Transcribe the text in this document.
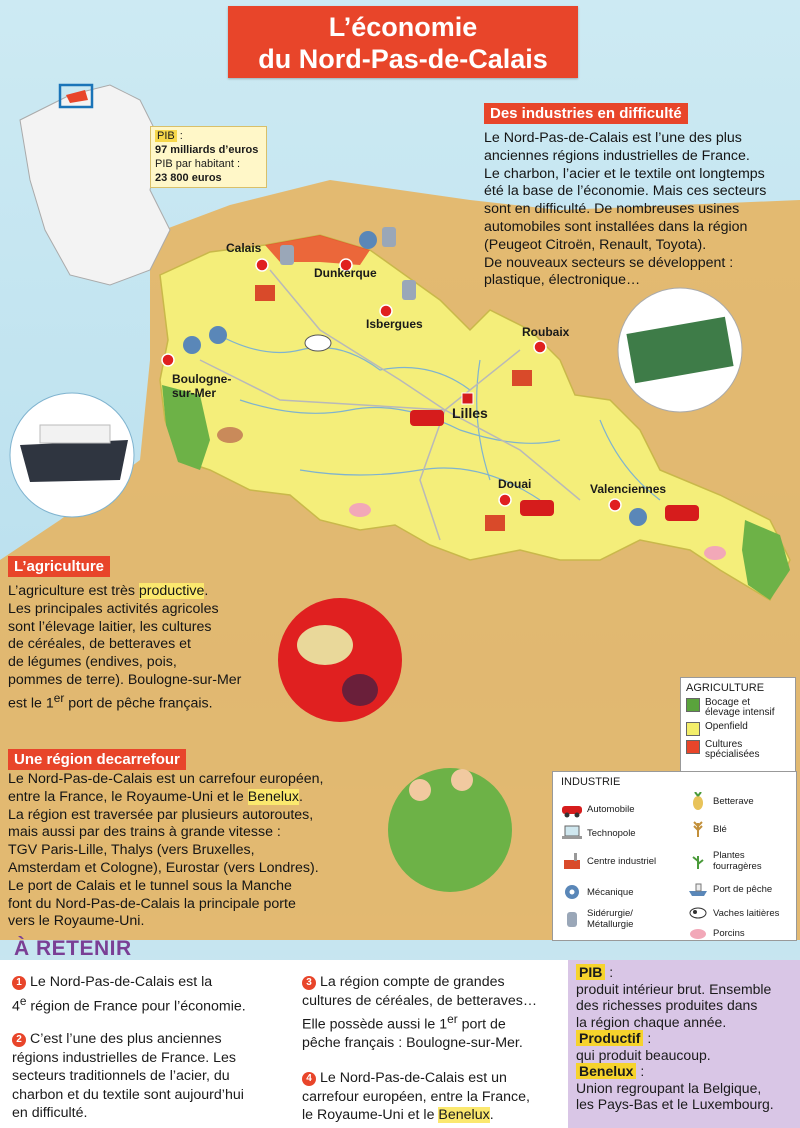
L’économie
du Nord-Pas-de-Calais
PIB :
97 milliards d’euros
PIB par habitant :
23 800 euros
Des industries en difficulté
Le Nord-Pas-de-Calais est l’une des plus
anciennes régions industrielles de France.
Le charbon, l’acier et le textile ont longtemps
été la base de l’économie. Mais ces secteurs
sont en difficulté. De nombreuses usines
automobiles sont installées dans la région
(Peugeot Citroën, Renault, Toyota).
De nouveaux secteurs se développent :
plastique, électronique…
Calais
Dunkerque
Isbergues
Roubaix
Boulogne-
sur-Mer
Lilles
Douai	Valenciennes
L’agriculture
L’agriculture est très productive.
Les principales activités agricoles
sont l’élevage laitier, les cultures
de céréales, de betteraves et
de légumes (endives, pois,
pommes de terre). Boulogne-sur-Mer
est le 1er port de pêche français.
Une région decarrefour
Le Nord-Pas-de-Calais est un carrefour européen,
entre la France, le Royaume-Uni et le Benelux.
La région est traversée par plusieurs autoroutes,
mais aussi par des trains à grande vitesse :
TGV Paris-Lille, Thalys (vers Bruxelles,
Amsterdam et Cologne), Eurostar (vers Londres).
Le port de Calais et le tunnel sous la Manche
font du Nord-Pas-de-Calais la principale porte
vers le Royaume-Uni.
AGRICULTURE
Bocage et
élevage intensif
Openfield
Cultures
spécialisées
INDUSTRIE
Automobile
Technopole
Centre industriel
Mécanique
Sidérurgie/
Métallurgie
Betterave
Blé
Plantes
fourragères
Port de pêche
Vaches laitières
Porcins
À RETENIR
1 Le Nord-Pas-de-Calais est la
4e région de France pour l’économie.
2 C’est l’une des plus anciennes
régions industrielles de France. Les
secteurs traditionnels de l’acier, du
charbon et du textile sont aujourd’hui
en difficulté.
3 La région compte de grandes
cultures de céréales, de betteraves…
Elle possède aussi le 1er port de
pêche français : Boulogne-sur-Mer.
4 Le Nord-Pas-de-Calais est un
carrefour européen, entre la France,
le Royaume-Uni et le Benelux.
PIB :
produit intérieur brut. Ensemble
des richesses produites dans
la région chaque année.
Productif :
qui produit beaucoup.
Benelux :
Union regroupant la Belgique,
les Pays-Bas et le Luxembourg.
